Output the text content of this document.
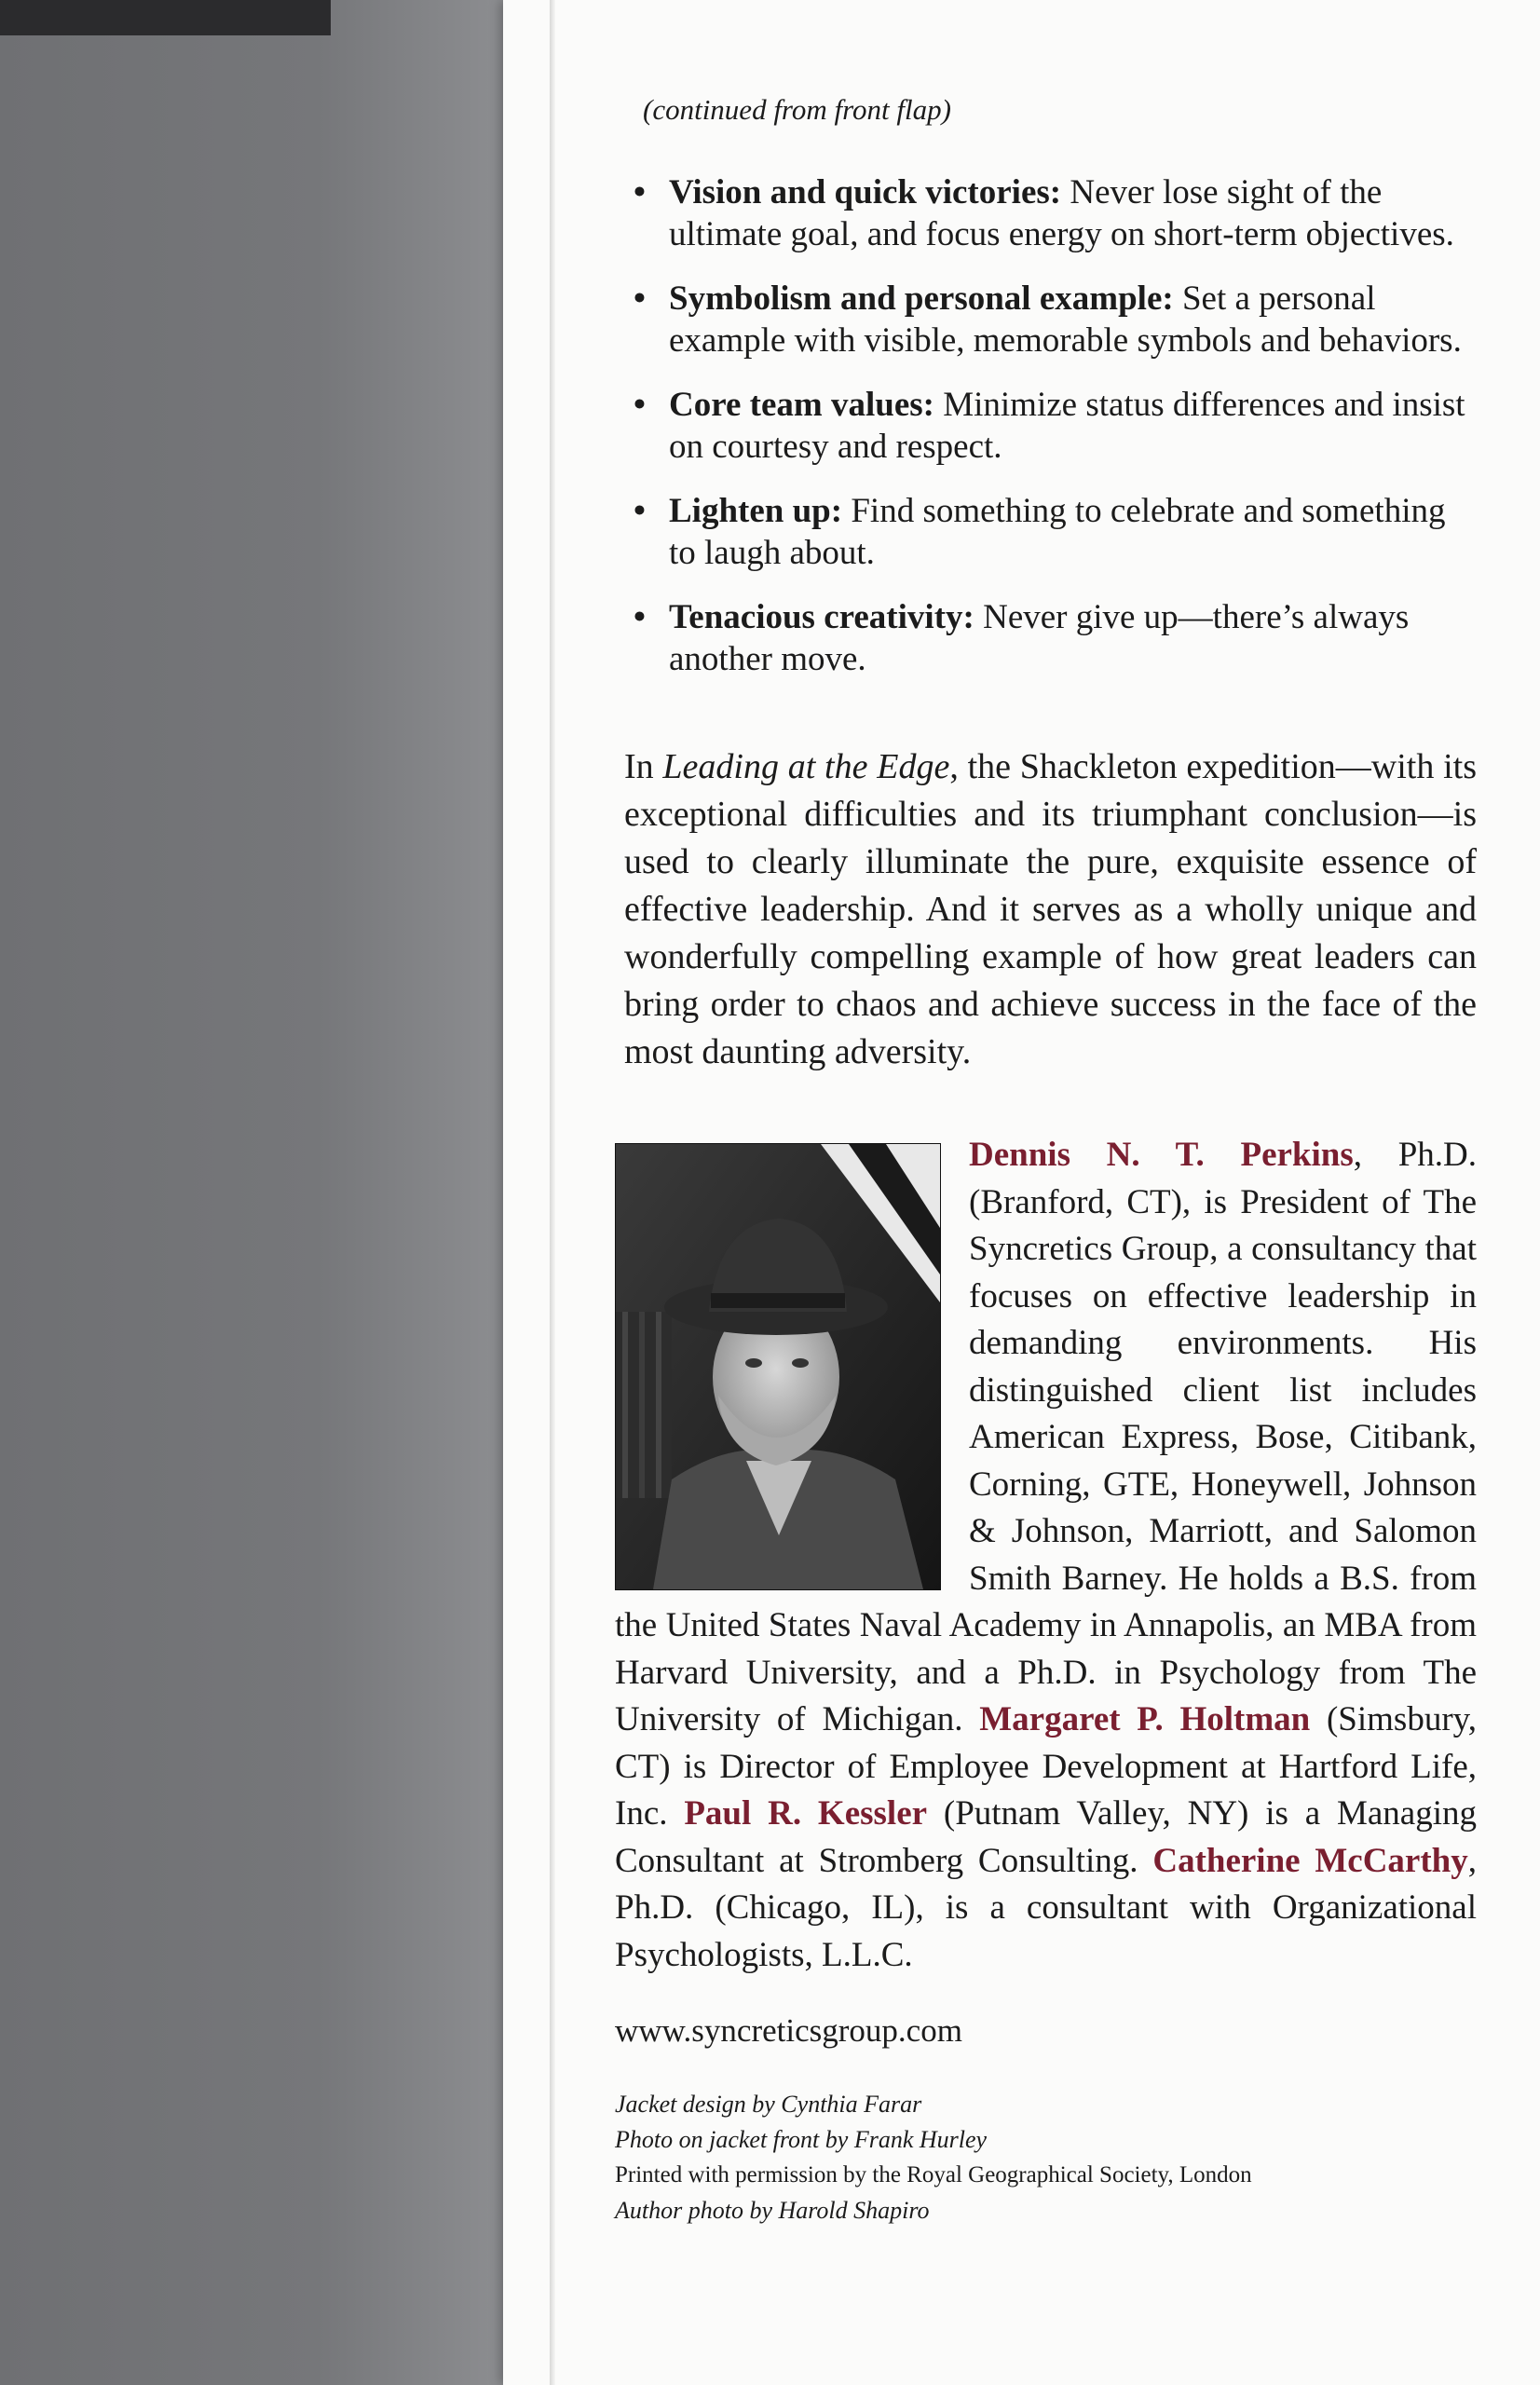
(continued from front flap)
• Vision and quick victories: Never lose sight of the ultimate goal, and focus energy on short-term objectives.
• Symbolism and personal example: Set a personal example with visible, memorable symbols and behaviors.
• Core team values: Minimize status differences and insist on courtesy and respect.
• Lighten up: Find something to celebrate and something to laugh about.
• Tenacious creativity: Never give up—there’s always another move.

In Leading at the Edge, the Shackleton expedition—with its exceptional difficulties and its triumphant conclusion—is used to clearly illuminate the pure, exquisite essence of effective leadership. And it serves as a wholly unique and wonderfully compelling example of how great leaders can bring order to chaos and achieve success in the face of the most daunting adversity.

Dennis N. T. Perkins, Ph.D. (Branford, CT), is President of The Syncretics Group, a consultancy that focuses on effective leadership in demanding environments. His distinguished client list includes American Express, Bose, Citibank, Corning, GTE, Honeywell, Johnson & Johnson, Marriott, and Salomon Smith Barney. He holds a B.S. from the United States Naval Academy in Annapolis, an MBA from Harvard University, and a Ph.D. in Psychology from The University of Michigan. Margaret P. Holtman (Simsbury, CT) is Director of Employee Development at Hartford Life, Inc. Paul R. Kessler (Putnam Valley, NY) is a Managing Consultant at Stromberg Consulting. Catherine McCarthy, Ph.D. (Chicago, IL), is a consultant with Organizational Psychologists, L.L.C.
www.syncreticsgroup.com
Jacket design by Cynthia Farar
Photo on jacket front by Frank Hurley
Printed with permission by the Royal Geographical Society, London
Author photo by Harold Shapiro
